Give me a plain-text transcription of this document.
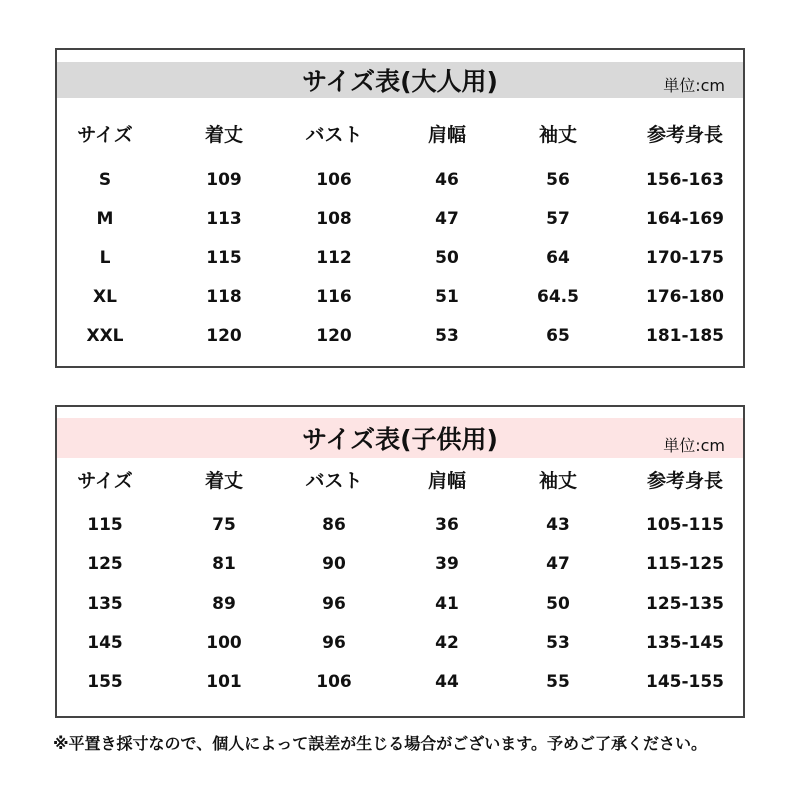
サイズ表(大人用)	単位:cm
サイズ	着丈	バスト	肩幅	袖丈	参考身長
S	109	106	46	56	156-163
M	113	108	47	57	164-169
L	115	112	50	64	170-175
XL	118	116	51	64.5	176-180
XXL	120	120	53	65	181-185
サイズ表(子供用)	単位:cm
サイズ	着丈	バスト	肩幅	袖丈	参考身長
115	75	86	36	43	105-115
125	81	90	39	47	115-125
135	89	96	41	50	125-135
145	100	96	42	53	135-145
155	101	106	44	55	145-155
※平置き採寸なので、個人によって誤差が生じる場合がございます。予めご了承ください。
